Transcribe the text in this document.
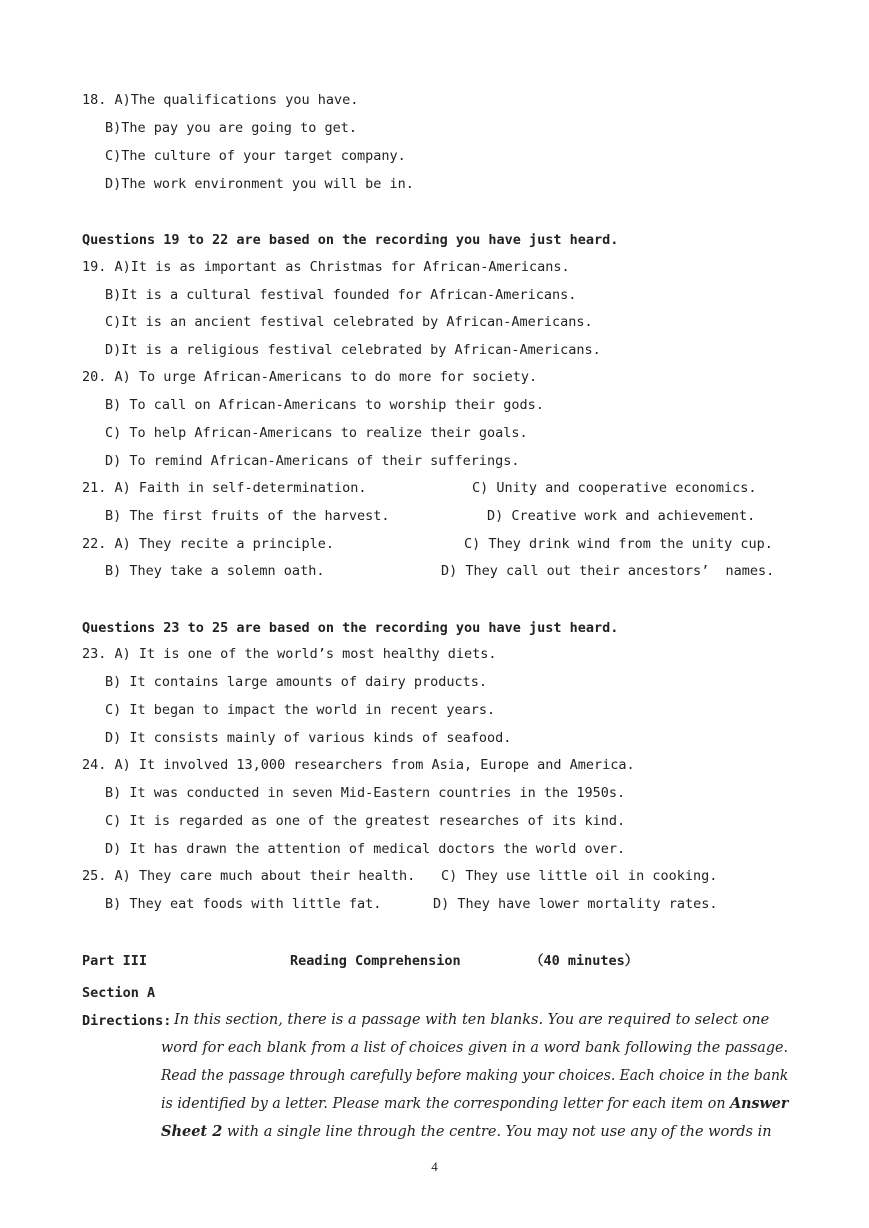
18. A)The qualifications you have.
B)The pay you are going to get.
C)The culture of your target company.
D)The work environment you will be in.
Questions 19 to 22 are based on the recording you have just heard.
19. A)It is as important as Christmas for African-Americans.
B)It is a cultural festival founded for African-Americans.
C)It is an ancient festival celebrated by African-Americans.
D)It is a religious festival celebrated by African-Americans.
20. A) To urge African-Americans to do more for society.
B) To call on African-Americans to worship their gods.
C) To help African-Americans to realize their goals.
D) To remind African-Americans of their sufferings.
21. A) Faith in self-determination.	C) Unity and cooperative economics.
B) The first fruits of the harvest.	D) Creative work and achievement.
22. A) They recite a principle.	C) They drink wind from the unity cup.
B) They take a solemn oath.	D) They call out their ancestors’  names.
Questions 23 to 25 are based on the recording you have just heard.
23. A) It is one of the world’s most healthy diets.
B) It contains large amounts of dairy products.
C) It began to impact the world in recent years.
D) It consists mainly of various kinds of seafood.
24. A) It involved 13,000 researchers from Asia, Europe and America.
B) It was conducted in seven Mid-Eastern countries in the 1950s.
C) It is regarded as one of the greatest researches of its kind.
D) It has drawn the attention of medical doctors the world over.
25. A) They care much about their health. C) They use little oil in cooking.
B) They eat foods with little fat.	D) They have lower mortality rates.
Part III	Reading Comprehension	（40 minutes）
Section A
Directions: In this section, there is a passage with ten blanks. You are required to select one
word for each blank from a list of choices given in a word bank following the passage.
Read the passage through carefully before making your choices. Each choice in the bank
is identified by a letter. Please mark the corresponding letter for each item on Answer
Sheet 2 with a single line through the centre. You may not use any of the words in
4
